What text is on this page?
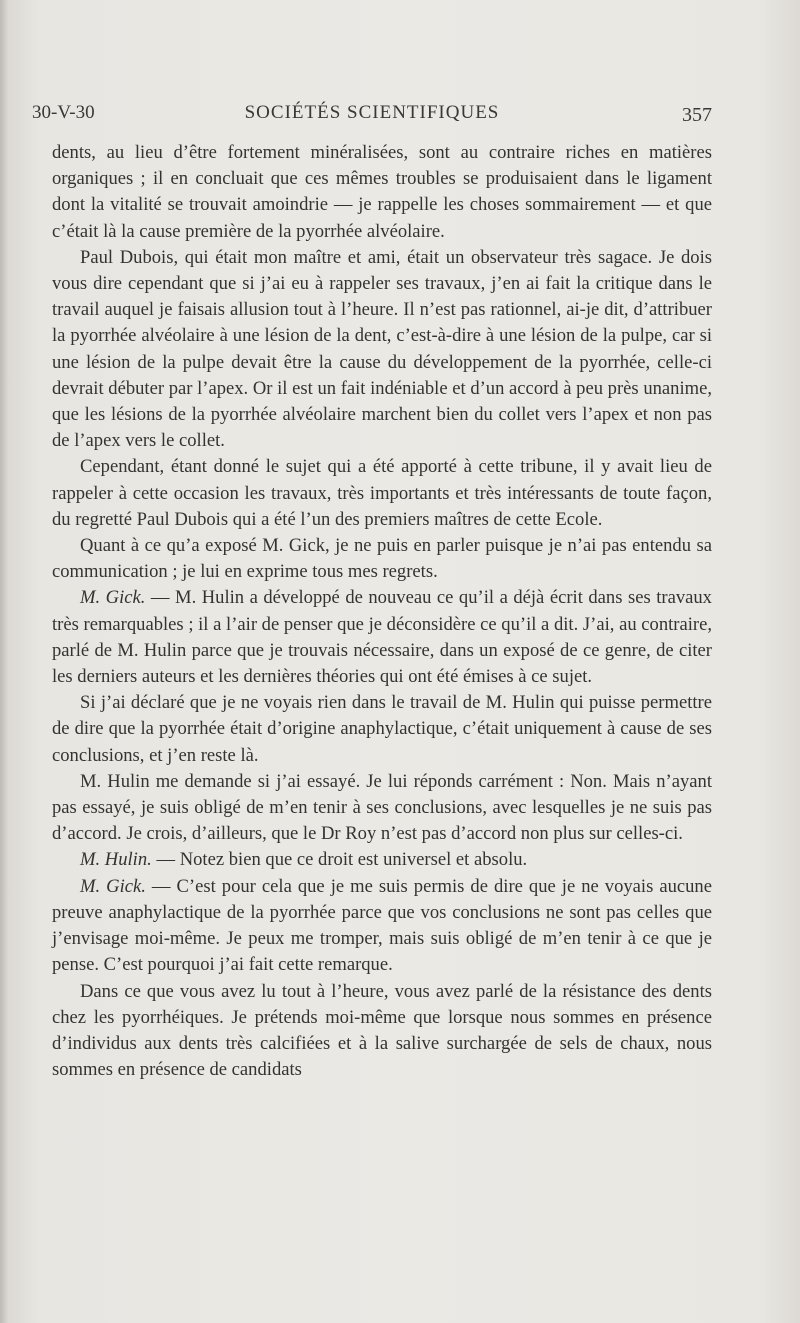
30-V-30	SOCIÉTÉS SCIENTIFIQUES	357

dents, au lieu d’être fortement minéralisées, sont au contraire riches en matières organiques ; il en concluait que ces mêmes troubles se produisaient dans le ligament dont la vitalité se trouvait amoindrie — je rappelle les choses sommairement — et que c’était là la cause première de la pyorrhée alvéolaire.

Paul Dubois, qui était mon maître et ami, était un observateur très sagace. Je dois vous dire cependant que si j’ai eu à rappeler ses travaux, j’en ai fait la critique dans le travail auquel je faisais allusion tout à l’heure. Il n’est pas rationnel, ai-je dit, d’attribuer la pyorrhée alvéolaire à une lésion de la dent, c’est-à-dire à une lésion de la pulpe, car si une lésion de la pulpe devait être la cause du développement de la pyorrhée, celle-ci devrait débuter par l’apex. Or il est un fait indéniable et d’un accord à peu près unanime, que les lésions de la pyorrhée alvéolaire marchent bien du collet vers l’apex et non pas de l’apex vers le collet.

Cependant, étant donné le sujet qui a été apporté à cette tribune, il y avait lieu de rappeler à cette occasion les travaux, très importants et très intéressants de toute façon, du regretté Paul Dubois qui a été l’un des premiers maîtres de cette Ecole.

Quant à ce qu’a exposé M. Gick, je ne puis en parler puisque je n’ai pas entendu sa communication ; je lui en exprime tous mes regrets.

M. Gick. — M. Hulin a développé de nouveau ce qu’il a déjà écrit dans ses travaux très remarquables ; il a l’air de penser que je déconsidère ce qu’il a dit. J’ai, au contraire, parlé de M. Hulin parce que je trouvais nécessaire, dans un exposé de ce genre, de citer les derniers auteurs et les dernières théories qui ont été émises à ce sujet.

Si j’ai déclaré que je ne voyais rien dans le travail de M. Hulin qui puisse permettre de dire que la pyorrhée était d’origine anaphylactique, c’était uniquement à cause de ses conclusions, et j’en reste là.

M. Hulin me demande si j’ai essayé. Je lui réponds carrément : Non. Mais n’ayant pas essayé, je suis obligé de m’en tenir à ses conclusions, avec lesquelles je ne suis pas d’accord. Je crois, d’ailleurs, que le Dr Roy n’est pas d’accord non plus sur celles-ci.

M. Hulin. — Notez bien que ce droit est universel et absolu.

M. Gick. — C’est pour cela que je me suis permis de dire que je ne voyais aucune preuve anaphylactique de la pyorrhée parce que vos conclusions ne sont pas celles que j’envisage moi-même. Je peux me tromper, mais suis obligé de m’en tenir à ce que je pense. C’est pourquoi j’ai fait cette remarque.

Dans ce que vous avez lu tout à l’heure, vous avez parlé de la résistance des dents chez les pyorrhéiques. Je prétends moi-même que lorsque nous sommes en présence d’individus aux dents très calcifiées et à la salive surchargée de sels de chaux, nous sommes en présence de candidats
